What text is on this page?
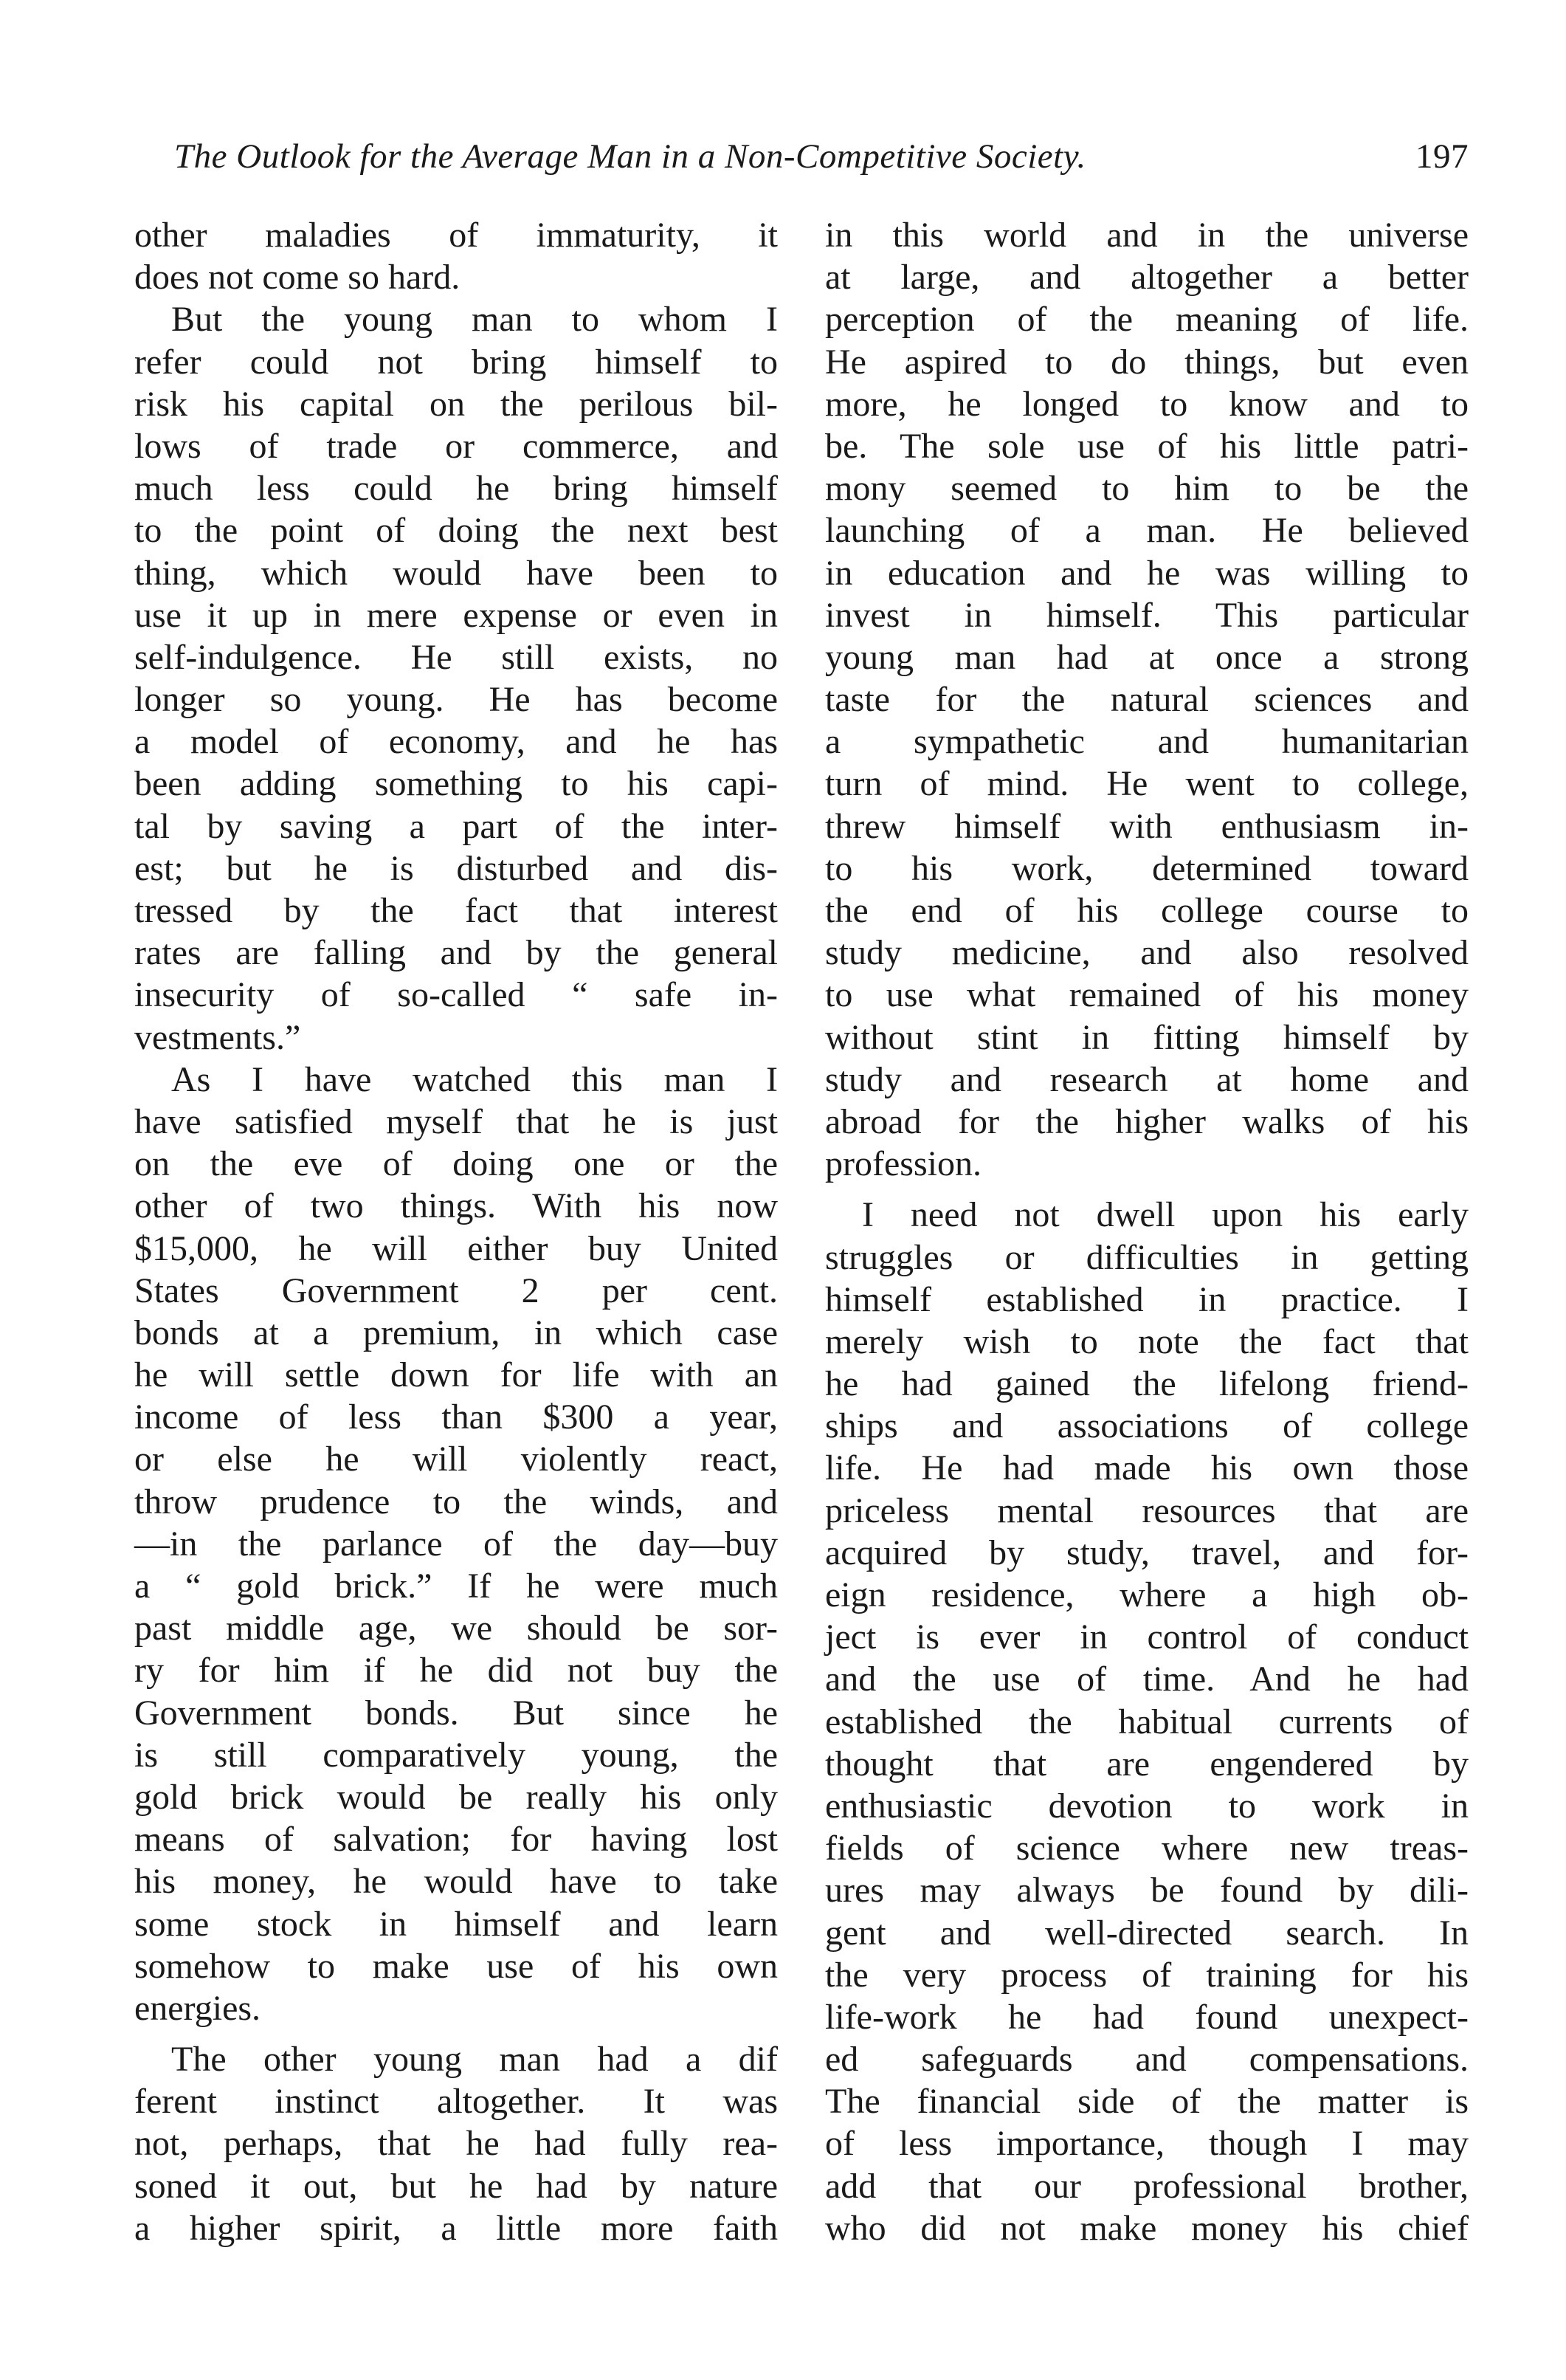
The Outlook for the Average Man in a Non-Competitive Society.	197
other maladies of immaturity, it
does not come so hard.
But the young man to whom I
refer could not bring himself to
risk his capital on the perilous bil-
lows of trade or commerce, and
much less could he bring himself
to the point of doing the next best
thing, which would have been to
use it up in mere expense or even in
self-indulgence. He still exists, no
longer so young. He has become
a model of economy, and he has
been adding something to his capi-
tal by saving a part of the inter-
est; but he is disturbed and dis-
tressed by the fact that interest
rates are falling and by the general
insecurity of so-called “ safe in-
vestments.”
As I have watched this man I
have satisfied myself that he is just
on the eve of doing one or the
other of two things. With his now
$15,000, he will either buy United
States Government 2 per cent.
bonds at a premium, in which case
he will settle down for life with an
income of less than $300 a year,
or else he will violently react,
throw prudence to the winds, and
—in the parlance of the day—buy
a “ gold brick.” If he were much
past middle age, we should be sor-
ry for him if he did not buy the
Government bonds. But since he
is still comparatively young, the
gold brick would be really his only
means of salvation; for having lost
his money, he would have to take
some stock in himself and learn
somehow to make use of his own
energies.
The other young man had a dif
ferent instinct altogether. It was
not, perhaps, that he had fully rea-
soned it out, but he had by nature
a higher spirit, a little more faith
in this world and in the universe
at large, and altogether a better
perception of the meaning of life.
He aspired to do things, but even
more, he longed to know and to
be. The sole use of his little patri-
mony seemed to him to be the
launching of a man. He believed
in education and he was willing to
invest in himself. This particular
young man had at once a strong
taste for the natural sciences and
a sympathetic and humanitarian
turn of mind. He went to college,
threw himself with enthusiasm in-
to his work, determined toward
the end of his college course to
study medicine, and also resolved
to use what remained of his money
without stint in fitting himself by
study and research at home and
abroad for the higher walks of his
profession.
I need not dwell upon his early
struggles or difficulties in getting
himself established in practice. I
merely wish to note the fact that
he had gained the lifelong friend-
ships and associations of college
life. He had made his own those
priceless mental resources that are
acquired by study, travel, and for-
eign residence, where a high ob-
ject is ever in control of conduct
and the use of time. And he had
established the habitual currents of
thought that are engendered by
enthusiastic devotion to work in
fields of science where new treas-
ures may always be found by dili-
gent and well-directed search. In
the very process of training for his
life-work he had found unexpect-
ed safeguards and compensations.
The financial side of the matter is
of less importance, though I may
add that our professional brother,
who did not make money his chief
